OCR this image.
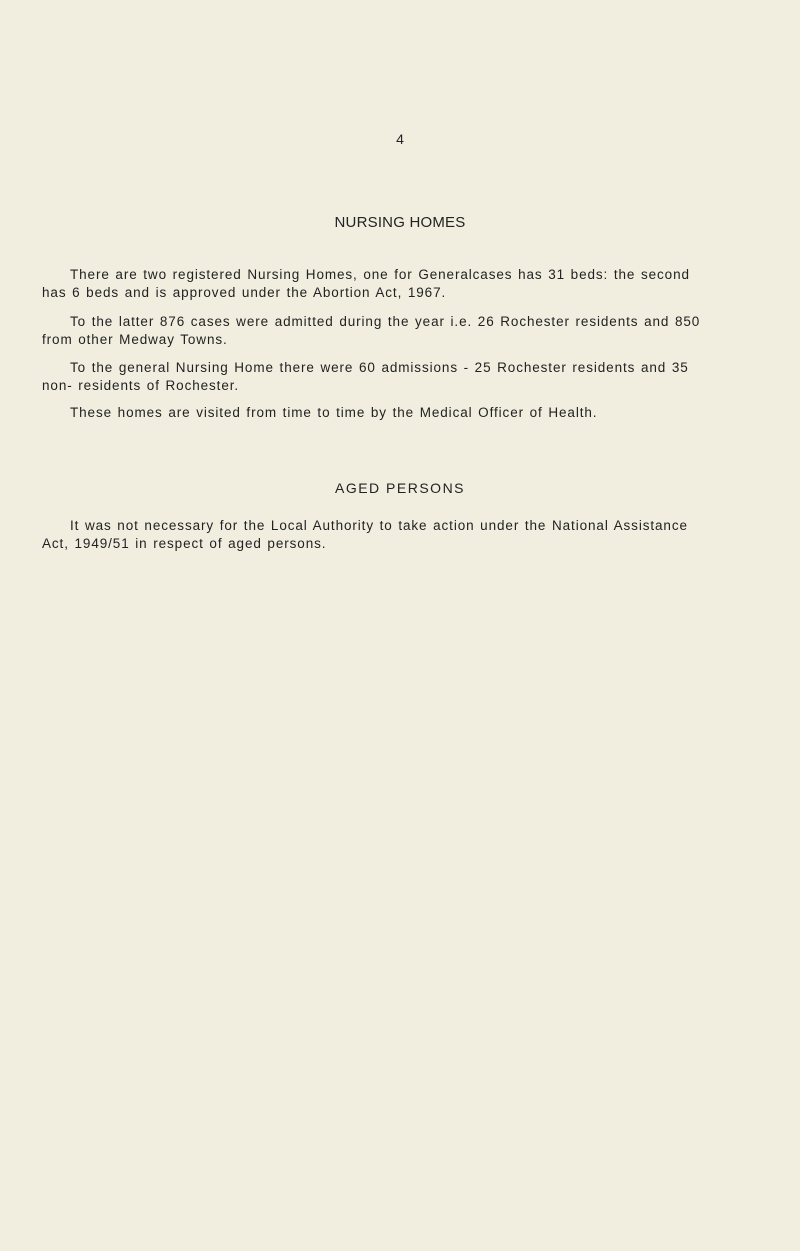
4
NURSING HOMES
There are two registered Nursing Homes, one for Generalcases has 31 beds: the second has 6 beds and is approved under the Abortion Act, 1967.
To the latter 876 cases were admitted during the year i.e. 26 Rochester residents and 850 from other Medway Towns.
To the general Nursing Home there were 60 admissions - 25 Rochester residents and 35 non- residents of Rochester.
These homes are visited from time to time by the Medical Officer of Health.
AGED PERSONS
It was not necessary for the Local Authority to take action under the National Assistance Act, 1949/51 in respect of aged persons.
